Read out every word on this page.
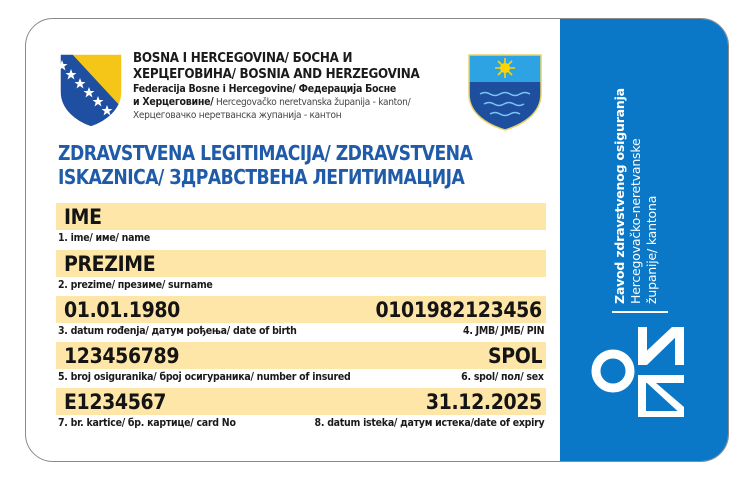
BOSNA I HERCEGOVINA/ БОСНА И
ХЕРЦЕГОВИНА/ BOSNIA AND HERZEGOVINA
Federacija Bosne i Hercegovine/ Федерација Босне
и Херцеговине/ Hercegovačko neretvanska županija - kanton/
Херцеговачко неретванска жупанија - кантон
ZDRAVSTVENA LEGITIMACIJA/ ZDRAVSTVENA
ISKAZNICA/ ЗДРАВСТВЕНА ЛЕГИТИМАЦИЈА
IME
1. ime/ име/ name
PREZIME
2. prezime/ презиме/ surname
01.01.1980	0101982123456
3. datum rođenja/ датум рођења/ date of birth	4. JMB/ ЈМБ/ PIN
123456789	SPOL
5. broj osiguranika/ број осигураника/ number of insured	6. spol/ пол/ sex
E1234567	31.12.2025
7. br. kartice/ бр. картице/ card No	8. datum isteka/ датум истека/date of expiry
Zavod zdravstvenog osiguranja Hercegovačko-neretvanske županije/ kantona
